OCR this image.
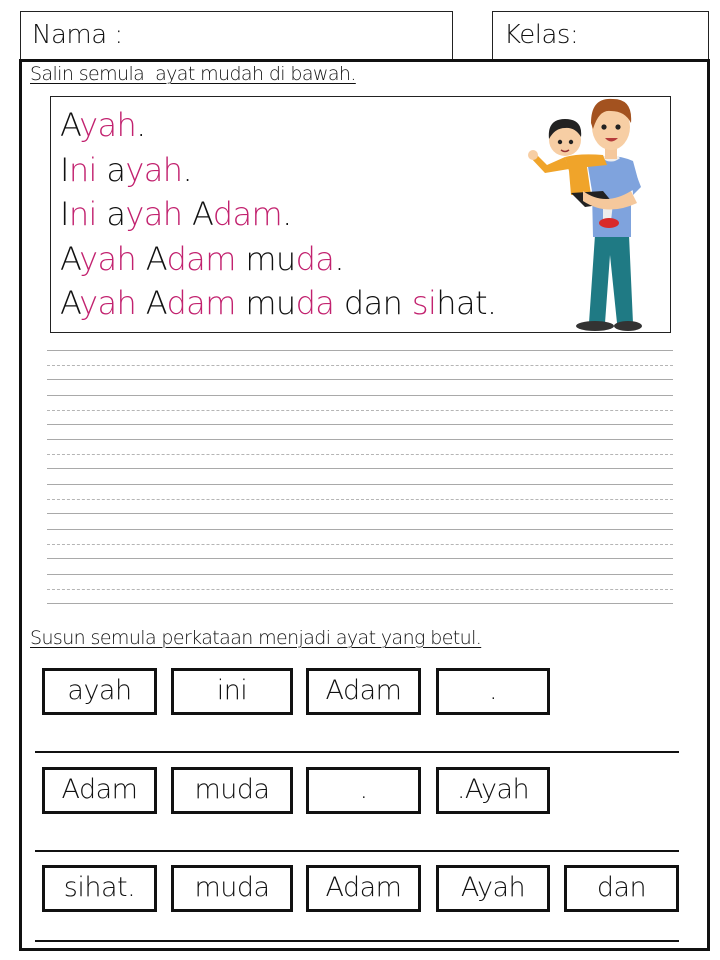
Nama :	Kelas:
Salin semula  ayat mudah di bawah.
Ayah.
Ini ayah.
Ini ayah Adam.
Ayah Adam muda.
Ayah Adam muda dan sihat.
Susun semula perkataan menjadi ayat yang betul.
ayah	ini	Adam	.
Adam	muda	.	.Ayah
sihat.	muda	Adam	Ayah	dan
